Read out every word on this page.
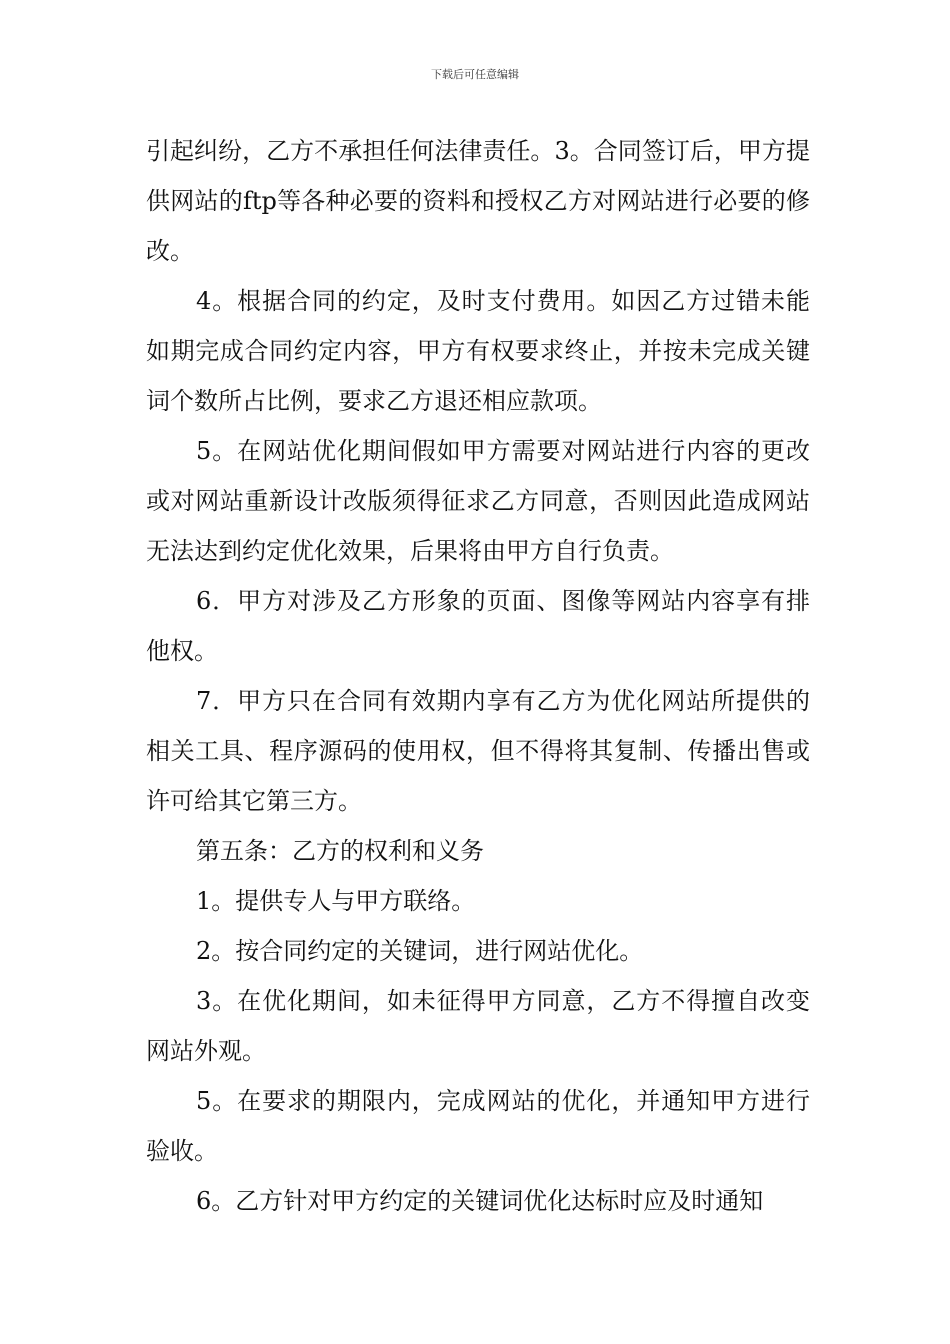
下载后可任意编辑

引起纠纷，乙方不承担任何法律责任。3。合同签订后，甲方提供网站的ftp等各种必要的资料和授权乙方对网站进行必要的修改。

4。根据合同的约定，及时支付费用。如因乙方过错未能如期完成合同约定内容，甲方有权要求终止，并按未完成关键词个数所占比例，要求乙方退还相应款项。

5。在网站优化期间假如甲方需要对网站进行内容的更改或对网站重新设计改版须得征求乙方同意，否则因此造成网站无法达到约定优化效果，后果将由甲方自行负责。

6．甲方对涉及乙方形象的页面、图像等网站内容享有排他权。

7．甲方只在合同有效期内享有乙方为优化网站所提供的相关工具、程序源码的使用权，但不得将其复制、传播出售或许可给其它第三方。

第五条：乙方的权利和义务

1。提供专人与甲方联络。

2。按合同约定的关键词，进行网站优化。

3。在优化期间，如未征得甲方同意，乙方不得擅自改变网站外观。

5。在要求的期限内，完成网站的优化，并通知甲方进行验收。

6。乙方针对甲方约定的关键词优化达标时应及时通知
